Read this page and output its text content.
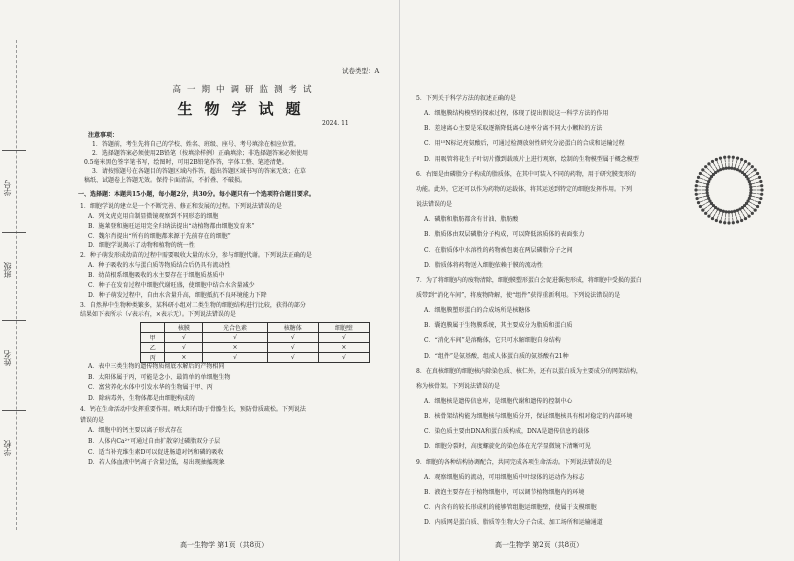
学号
班级
姓名
学校
试卷类型：A
高一期中调研监测考试
生物学试题
2024. 11
注意事项：
1．答题前，考生先将自己的学校、姓名、班级、座号、考号填涂在相应位置。
2．选择题答案必须使用2B铅笔（按填涂样例）正确填涂；非选择题答案必须使用
0.5毫米黑色签字笔书写，绘图时，可用2B铅笔作答，字体工整、笔迹清楚。
3．请按照题号在各题目的答题区域内作答，超出答题区域书写的答案无效；在草
稿纸、试题卷上答题无效。保持卡面清洁，不折叠、不破损。
一、选择题：本题共15小题，每小题2分，共30分。每小题只有一个选项符合题目要求。
1．细胞学说的建立是一个不断完善、修正和发展的过程。下列说法错误的是
A．列文虎克用自制显微镜观察到不同形态的细胞
B．施莱登和施旺运用完全归纳法提出“动植物都由细胞发育来”
C．魏尔肖提出“所有的细胞都来源于先前存在的细胞”
D．细胞学说揭示了动物和植物的统一性
2．种子萌发形成幼苗的过程中需要吸收大量的水分，参与细胞代谢。下列说法正确的是
A．种子吸收的水与蛋白质等物质结合后仍具有流动性
B．幼苗根系细胞吸收的水主要存在于细胞质基质中
C．种子在发育过程中细胞代谢旺盛，使细胞中结合水含量减少
D．种子萌发过程中，自由水含量升高，细胞抵抗不良环境能力下降
3．自然界中生物种类繁多，某科研小组对二类生物的细胞结构进行比较，获得的部分
结果如下表所示（√表示有，×表示无）。下列说法错误的是
	核膜	光合色素	核糖体	细胞壁
甲	√	√	√	√
乙	√	×	√	×
丙	×	√	√	√
A．表中三类生物的遗传物质彻底水解后的产物相同
B．太阳体属于丙，可能是念小、最简单的单细胞生物
C．富营养化水体中引发水华的生物属于甲、丙
D．除病毒外，生物体都是由细胞构成的
4．钙在生命活动中发挥重要作用。晒太阳有助于骨骼生长，预防骨质疏松。下列说法
错误的是
A．细胞中的钙主要以离子形式存在
B．人体内Ca²⁺可通过自由扩散穿过磷脂双分子层
C．适当补充维生素D可以促进肠道对钙和磷的吸收
D．若人体血液中钙离子含量过低，易出现抽搐现象
高一生物学 第1页（共8页）
5．下列关于科学方法的叙述正确的是
A．细胞膜结构模型的探索过程，体现了提出假说这一科学方法的作用
B．差速离心主要是采取逐渐降低离心速率分离不同大小颗粒的方法
C．用¹⁵N标记亮氨酸后，可通过检测放射性研究分泌蛋白的合成和运输过程
D．用吸管将花生子叶切片撒到载玻片上进行观察，绘制的生物模型属于概念模型
6．右图是由磷脂分子构成的脂质体，在其中可装入不同的药物，用于研究膜变形的
功能。此外，它还可以作为药物的运载体，将其运送到特定的细胞发挥作用。下列
说法错误的是
A．磷脂和脂肪都含有甘油、脂肪酸
B．脂质体由双层磷脂分子构成，可以降低溶质体的表面张力
C．在脂质体中水溶性的药物被包裹在两层磷脂分子之间
D．脂质体将药物送入细胞依赖于膜的流动性
7．为了将细胞内的废物清除，细胞膜塑形蛋白会促进囊泡形成，将细胞中受损的蛋白
质带到“消化车间”，将废物降解，使“组件”获得重新利用。下列说法错误的是
A．细胞膜塑形蛋白的合成场所是核糖体
B．囊泡膜属于生物膜系统，其主要成分为脂质和蛋白质
C．“消化车间”是溶酶体，它只可水解细胞自身结构
D．“组件”是氨基酸，组成人体蛋白质的氨基酸有21种
8．在真核细胞的细胞核内除染色质、核仁外，还有以蛋白质为主要成分的网架结构，
称为核骨架。下列说法错误的是
A．细胞核是遗传信息库，是细胞代谢和遗传的控制中心
B．核骨架结构能为细胞核与细胞质分开，保证细胞核具有相对稳定的内部环境
C．染色质主要由DNA和蛋白质构成，DNA是遗传信息的载体
D．细胞分裂时，高度螺旋化的染色体在光学显微镜下清晰可见
9．细胞的各种结构协调配合，共同完成各项生命活动。下列说法错误的是
A．观察细胞质的流动，可用细胞质中叶绿体的运动作为标志
B．液泡主要存在于植物细胞中，可以调节植物细胞内的环境
C．内含有的较长形成机的能够管组胞运细胞壁，使属于支模细胞
D．内质网是蛋白质、脂质等生物大分子合成、加工场所和运输通道
高一生物学 第2页（共8页）
